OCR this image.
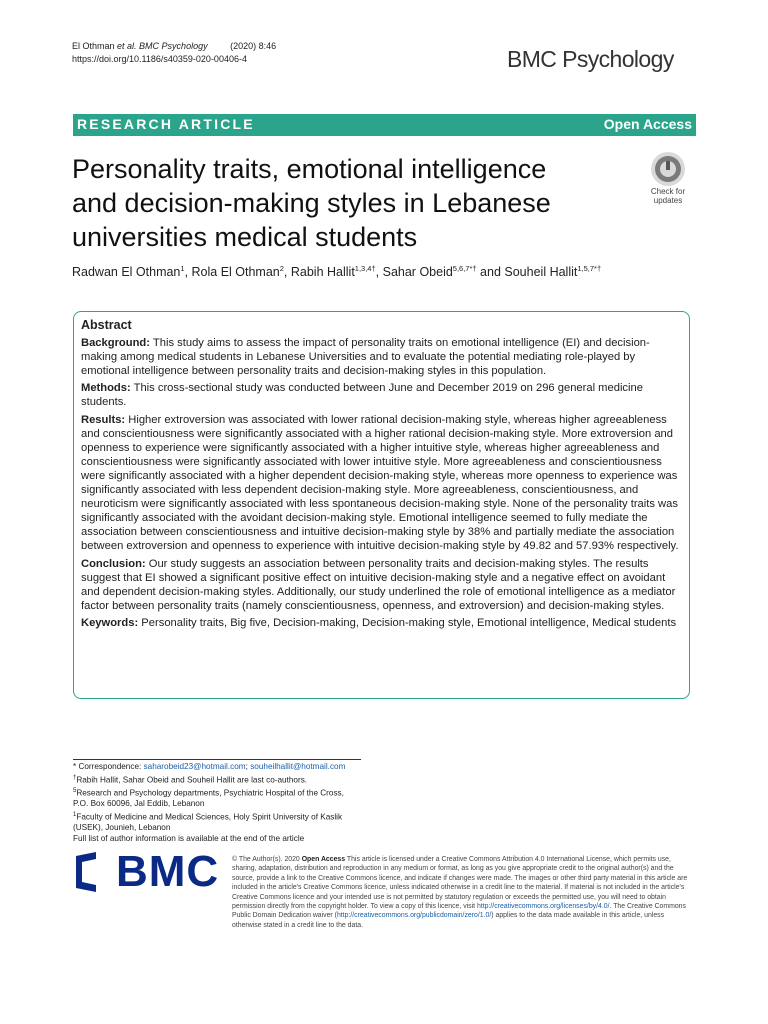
El Othman et al. BMC Psychology	(2020) 8:46
https://doi.org/10.1186/s40359-020-00406-4	BMC Psychology
RESEARCH ARTICLE	Open Access
Check for
updates
Personality traits, emotional intelligence
and decision-making styles in Lebanese
universities medical students
Radwan El Othman$^1$, Rola El Othman$^2$, Rabih Hallit$^{1,3,4\dagger}$, Sahar Obeid$^{5,6,7*\dagger}$ and Souheil Hallit$^{1,5,7*\dagger}$
Abstract

Background: This study aims to assess the impact of personality traits on emotional intelligence (EI) and decision-making among medical students in Lebanese Universities and to evaluate the potential mediating role-played by emotional intelligence between personality traits and decision-making styles in this population.

Methods: This cross-sectional study was conducted between June and December 2019 on 296 general medicine students.

Results: Higher extroversion was associated with lower rational decision-making style, whereas higher agreeableness and conscientiousness were significantly associated with a higher rational decision-making style. More extroversion and openness to experience were significantly associated with a higher intuitive style, whereas higher agreeableness and conscientiousness were significantly associated with lower intuitive style. More agreeableness and conscientiousness were significantly associated with a higher dependent decision-making style, whereas more openness to experience was significantly associated with less dependent decision-making style. More agreeableness, conscientiousness, and neuroticism were significantly associated with less spontaneous decision-making style. None of the personality traits was significantly associated with the avoidant decision-making style. Emotional intelligence seemed to fully mediate the association between conscientiousness and intuitive decision-making style by 38% and partially mediate the association between extroversion and openness to experience with intuitive decision-making style by 49.82 and 57.93% respectively.

Conclusion: Our study suggests an association between personality traits and decision-making styles. The results suggest that EI showed a significant positive effect on intuitive decision-making style and a negative effect on avoidant and dependent decision-making styles. Additionally, our study underlined the role of emotional intelligence as a mediator factor between personality traits (namely conscientiousness, openness, and extroversion) and decision-making styles.

Keywords: Personality traits, Big five, Decision-making, Decision-making style, Emotional intelligence, Medical students

* Correspondence: saharobeid23@hotmail.com; souheilhallit@hotmail.com

†Rabih Hallit, Sahar Obeid and Souheil Hallit are last co-authors.

$^5$Research and Psychology departments, Psychiatric Hospital of the Cross,

P.O. Box 60096, Jal Eddib, Lebanon

$^1$Faculty of Medicine and Medical Sciences, Holy Spirit University of Kaslik

(USEK), Jounieh, Lebanon

Full list of author information is available at the end of the article

BMC © The Author(s). 2020 Open Access This article is licensed under a Creative Commons Attribution 4.0 International License, which permits use, sharing, adaptation, distribution and reproduction in any medium or format, as long as you give appropriate credit to the original author(s) and the source, provide a link to the Creative Commons licence, and indicate if changes were made. The images or other third party material in this article are included in the article's Creative Commons licence, unless indicated otherwise in a credit line to the material. If material is not included in the article's Creative Commons licence and your intended use is not permitted by statutory regulation or exceeds the permitted use, you will need to obtain permission directly from the copyright holder. To view a copy of this licence, visit http://creativecommons.org/licenses/by/4.0/. The Creative Commons Public Domain Dedication waiver (http://creativecommons.org/publicdomain/zero/1.0/) applies to the data made available in this article, unless otherwise stated in a credit line to the data.
